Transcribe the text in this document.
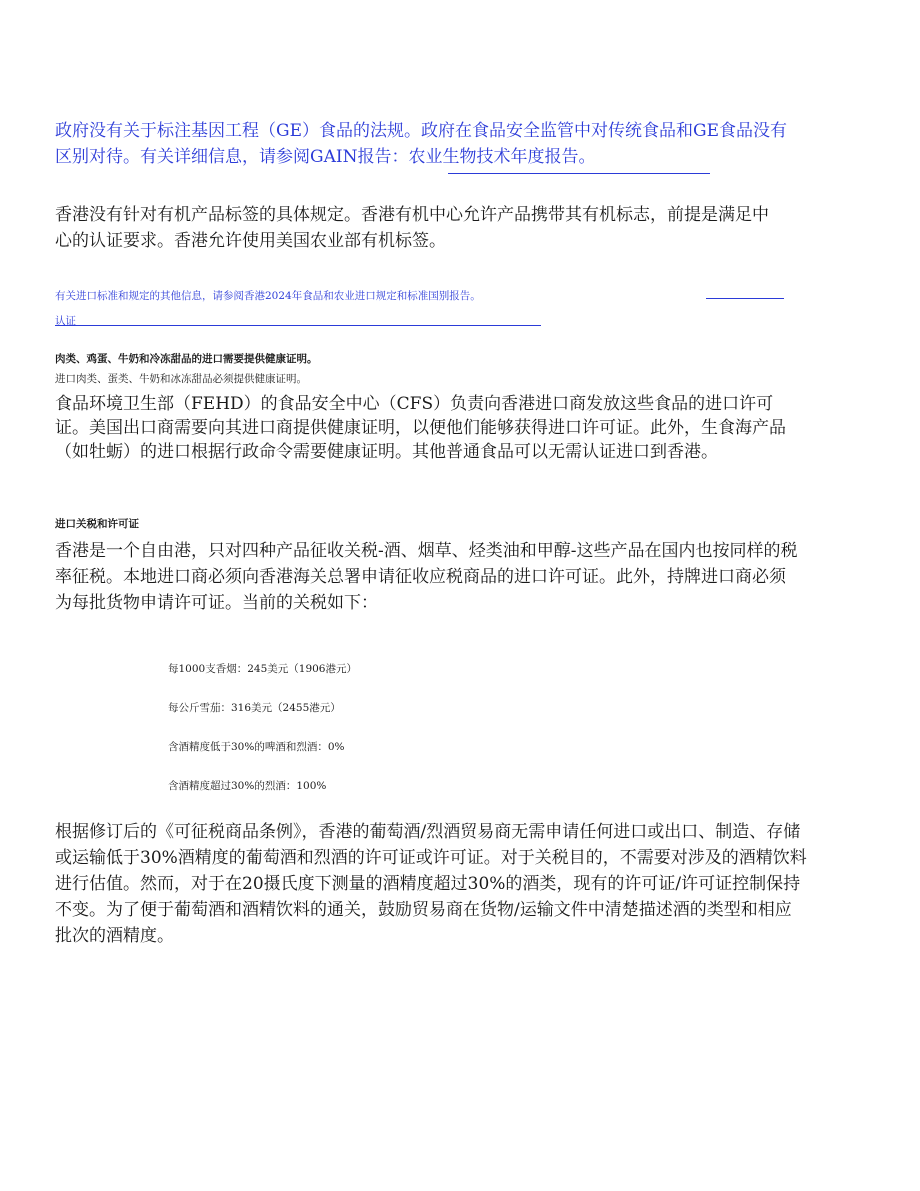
政府没有关于标注基因工程（GE）食品的法规。政府在食品安全监管中对传统食品和GE食品没有区别对待。有关详细信息，请参阅GAIN报告：农业生物技术年度报告。

香港没有针对有机产品标签的具体规定。香港有机中心允许产品携带其有机标志，前提是满足中心的认证要求。香港允许使用美国农业部有机标签。

有关进口标准和规定的其他信息，请参阅香港2024年食品和农业进口规定和标准国别报告。

认证

肉类、鸡蛋、牛奶和冷冻甜品的进口需要提供健康证明。

进口肉类、蛋类、牛奶和冰冻甜品必须提供健康证明。

食品环境卫生部（FEHD）的食品安全中心（CFS）负责向香港进口商发放这些食品的进口许可证。美国出口商需要向其进口商提供健康证明，以便他们能够获得进口许可证。此外，生食海产品（如牡蛎）的进口根据行政命令需要健康证明。其他普通食品可以无需认证进口到香港。

进口关税和许可证

香港是一个自由港，只对四种产品征收关税-酒、烟草、烃类油和甲醇-这些产品在国内也按同样的税率征税。本地进口商必须向香港海关总署申请征收应税商品的进口许可证。此外，持牌进口商必须为每批货物申请许可证。当前的关税如下：

每1000支香烟：245美元（1906港元）
每公斤雪茄：316美元（2455港元）
含酒精度低于30%的啤酒和烈酒：0%
含酒精度超过30%的烈酒：100%

根据修订后的《可征税商品条例》，香港的葡萄酒/烈酒贸易商无需申请任何进口或出口、制造、存储或运输低于30%酒精度的葡萄酒和烈酒的许可证或许可证。对于关税目的，不需要对涉及的酒精饮料进行估值。然而，对于在20摄氏度下测量的酒精度超过30%的酒类，现有的许可证/许可证控制保持不变。为了便于葡萄酒和酒精饮料的通关，鼓励贸易商在货物/运输文件中清楚描述酒的类型和相应批次的酒精度。
